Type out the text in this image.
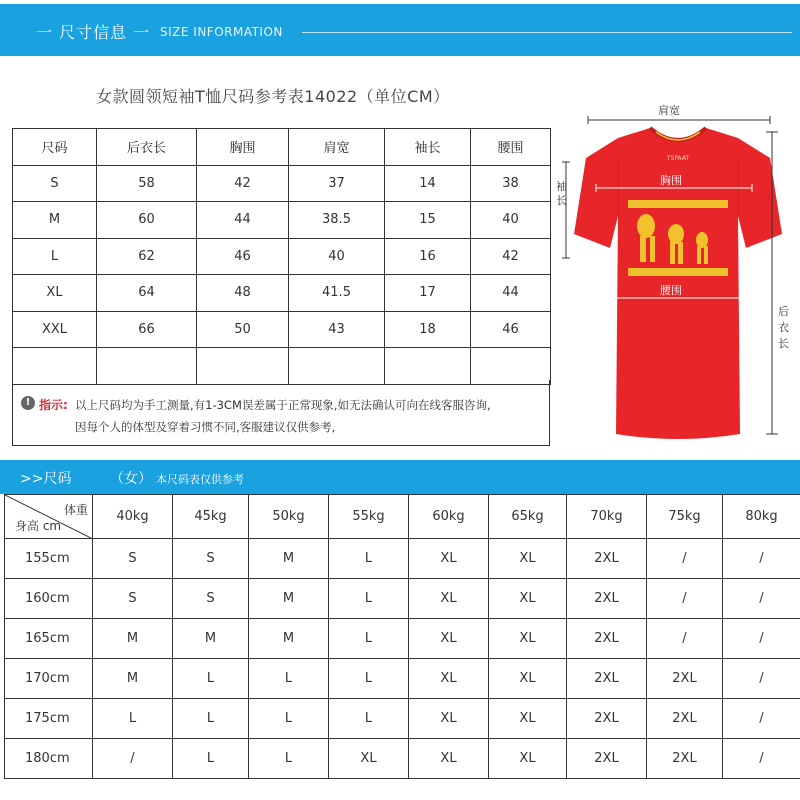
一 尺寸信息 一 SIZE INFORMATION
女款圆领短袖T恤尺码参考表14022（单位CM）
尺码	后衣长	胸围	肩宽	袖长	腰围
S	58	42	37	14	38
M	60	44	38.5	15	40
L	62	46	40	16	42
XL	64	48	41.5	17	44
XXL	66	50	43	18	46

! 指示: 以上尺码均为手工测量,有1-3CM误差属于正常现象,如无法确认可向在线客服咨询,
因每个人的体型及穿着习惯不同,客服建议仅供参考,
TSPAAT
肩宽
胸围
腰围
袖长
后衣长
>>尺码	（女） 本尺码表仅供参考
体重
身高 cm	40kg	45kg	50kg	55kg	60kg	65kg	70kg	75kg	80kg
155cm	S	S	M	L	XL	XL	2XL	/	/
160cm	S	S	M	L	XL	XL	2XL	/	/
165cm	M	M	M	L	XL	XL	2XL	/	/
170cm	M	L	L	L	XL	XL	2XL	2XL	/
175cm	L	L	L	L	XL	XL	2XL	2XL	/
180cm	/	L	L	XL	XL	XL	2XL	2XL	/
